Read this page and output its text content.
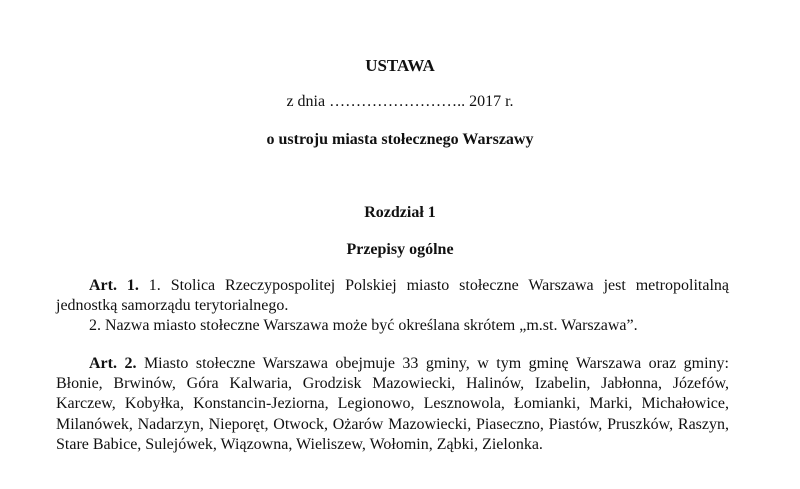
USTAWA
z dnia …………………….. 2017 r.
o ustroju miasta stołecznego Warszawy
Rozdział 1
Przepisy ogólne

Art. 1. 1. Stolica Rzeczypospolitej Polskiej miasto stołeczne Warszawa jest metropolitalną jednostką samorządu terytorialnego.

2. Nazwa miasto stołeczne Warszawa może być określana skrótem „m.st. Warszawa”.

Art. 2. Miasto stołeczne Warszawa obejmuje 33 gminy, w tym gminę Warszawa oraz gminy: Błonie, Brwinów, Góra Kalwaria, Grodzisk Mazowiecki, Halinów, Izabelin, Jabłonna, Józefów, Karczew, Kobyłka, Konstancin-Jeziorna, Legionowo, Lesznowola, Łomianki, Marki, Michałowice, Milanówek, Nadarzyn, Nieporęt, Otwock, Ożarów Mazowiecki, Piaseczno, Piastów, Pruszków, Raszyn, Stare Babice, Sulejówek, Wiązowna, Wieliszew, Wołomin, Ząbki, Zielonka.
